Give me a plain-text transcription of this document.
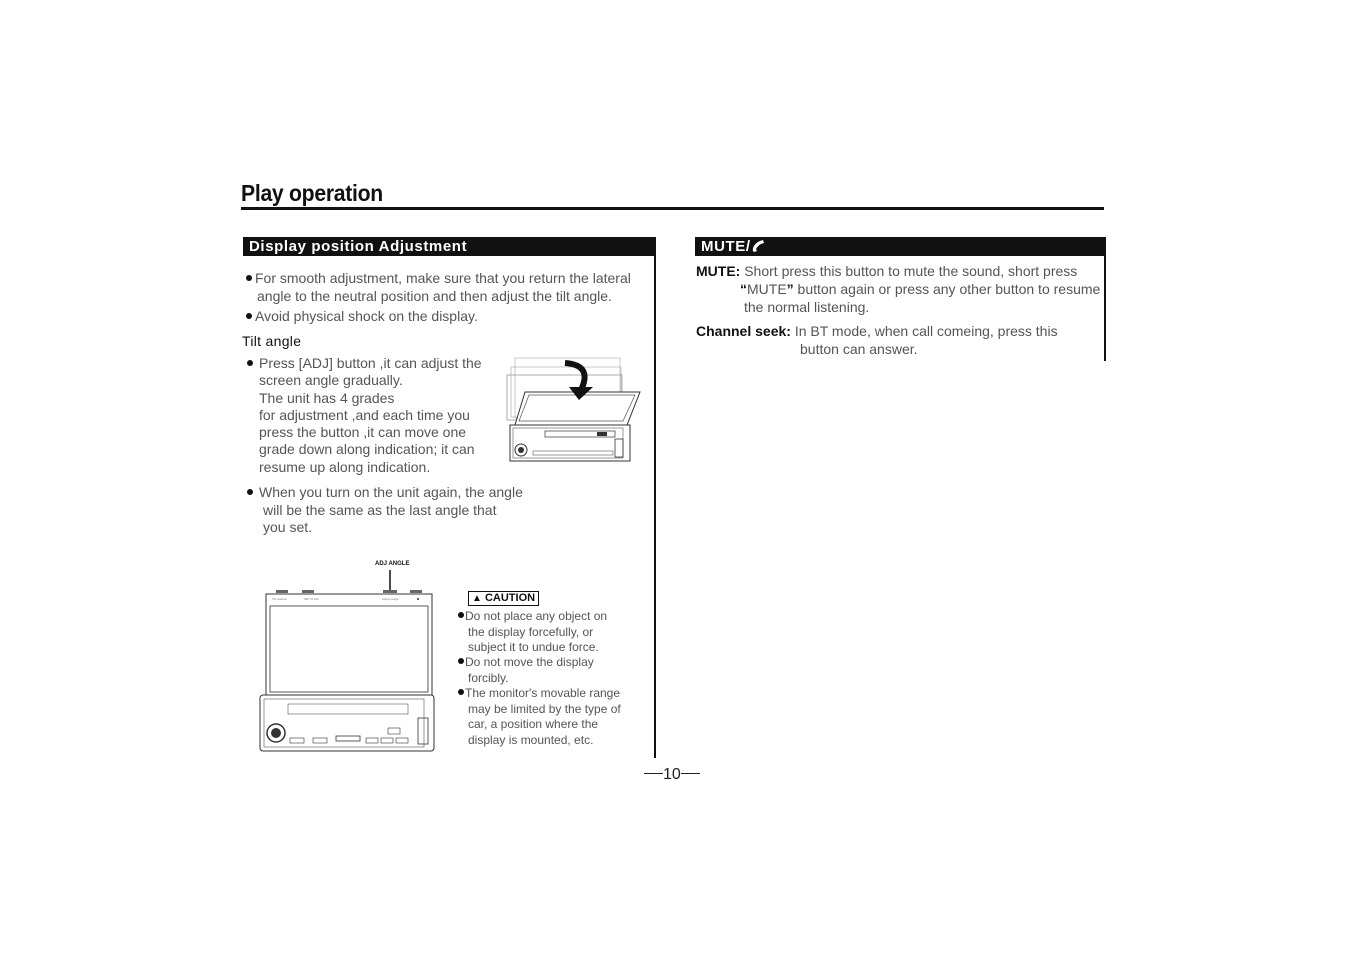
Play operation
Display position Adjustment
For smooth adjustment, make sure that you return the lateral
angle to the neutral position and then adjust the tilt angle.
Avoid physical shock on the display.
Tilt angle
Press [ADJ] button ,it can adjust the
screen angle gradually.
The unit has 4 grades
for adjustment ,and each time you
press the button ,it can move one
grade down along indication; it can
resume up along indication.
When you turn on the unit again, the angle
will be the same as the last angle that
you set.
ADJ ANGLE
Tilt position	SET FUNC	Adjust angle	▲ CAUTION
Do not place any object on
the display forcefully, or
subject it to undue force.
Do not move the display
forcibly.
The monitor's movable range
may be limited by the type of
car, a position where the
display is mounted, etc.
MUTE/
MUTE: Short press this button to mute the sound, short press
“MUTE” button again or press any other button to resume
the normal listening.
Channel seek: In BT mode, when call comeing, press this
button can answer.
10
